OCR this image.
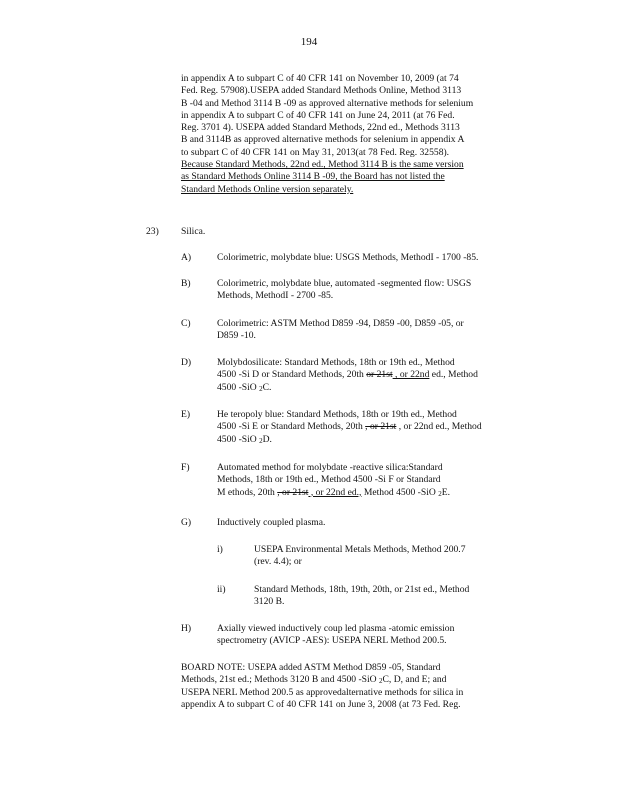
194
in appendix A to subpart C of 40 CFR 141 on November 10, 2009 (at 74
Fed. Reg. 57908).USEPA added Standard Methods Online, Method 3113
B -04 and Method 3114 B -09 as approved alternative methods for selenium
in appendix A to subpart C of 40 CFR 141 on June 24, 2011 (at 76 Fed.
Reg. 3701 4). USEPA added Standard Methods, 22nd ed., Methods 3113
B and 3114B as approved alternative methods for selenium in appendix A
to subpart C of 40 CFR 141 on May 31, 2013(at 78 Fed. Reg. 32558).
Because Standard Methods, 22nd ed., Method 3114 B is the same version
as Standard Methods Online 3114 B -09, the Board has not listed the
Standard Methods Online version separately.
23) Silica.
A)	Colorimetric, molybdate blue: USGS Methods, MethodI - 1700 -85.
B)	Colorimetric, molybdate blue, automated -segmented flow: USGS
Methods, MethodI - 2700 -85.
C)	Colorimetric: ASTM Method D859 -94, D859 -00, D859 -05, or
D859 -10.
D)	Molybdosilicate: Standard Methods, 18th or 19th ed., Method
4500 -Si D or Standard Methods, 20th or 21st , or 22nd ed., Method
4500 -SiO $_2$C.
E)	He teropoly blue: Standard Methods, 18th or 19th ed., Method
4500 -Si E or Standard Methods, 20th , or 21st , or 22nd ed., Method
4500 -SiO $_2$D.
F)	Automated method for molybdate -reactive silica:Standard
Methods, 18th or 19th ed., Method 4500 -Si F or Standard
M ethods, 20th , or 21st , or 22nd ed., Method 4500 -SiO $_2$E.
G)	Inductively coupled plasma.
i)	USEPA Environmental Metals Methods, Method 200.7
(rev. 4.4); or
ii)	Standard Methods, 18th, 19th, 20th, or 21st ed., Method
3120 B.
H)	Axially viewed inductively coup led plasma -atomic emission
spectrometry (AVICP -AES): USEPA NERL Method 200.5.
BOARD NOTE: USEPA added ASTM Method D859 -05, Standard
Methods, 21st ed.; Methods 3120 B and 4500 -SiO $_2$C, D, and E; and
USEPA NERL Method 200.5 as approvedalternative methods for silica in
appendix A to subpart C of 40 CFR 141 on June 3, 2008 (at 73 Fed. Reg.
